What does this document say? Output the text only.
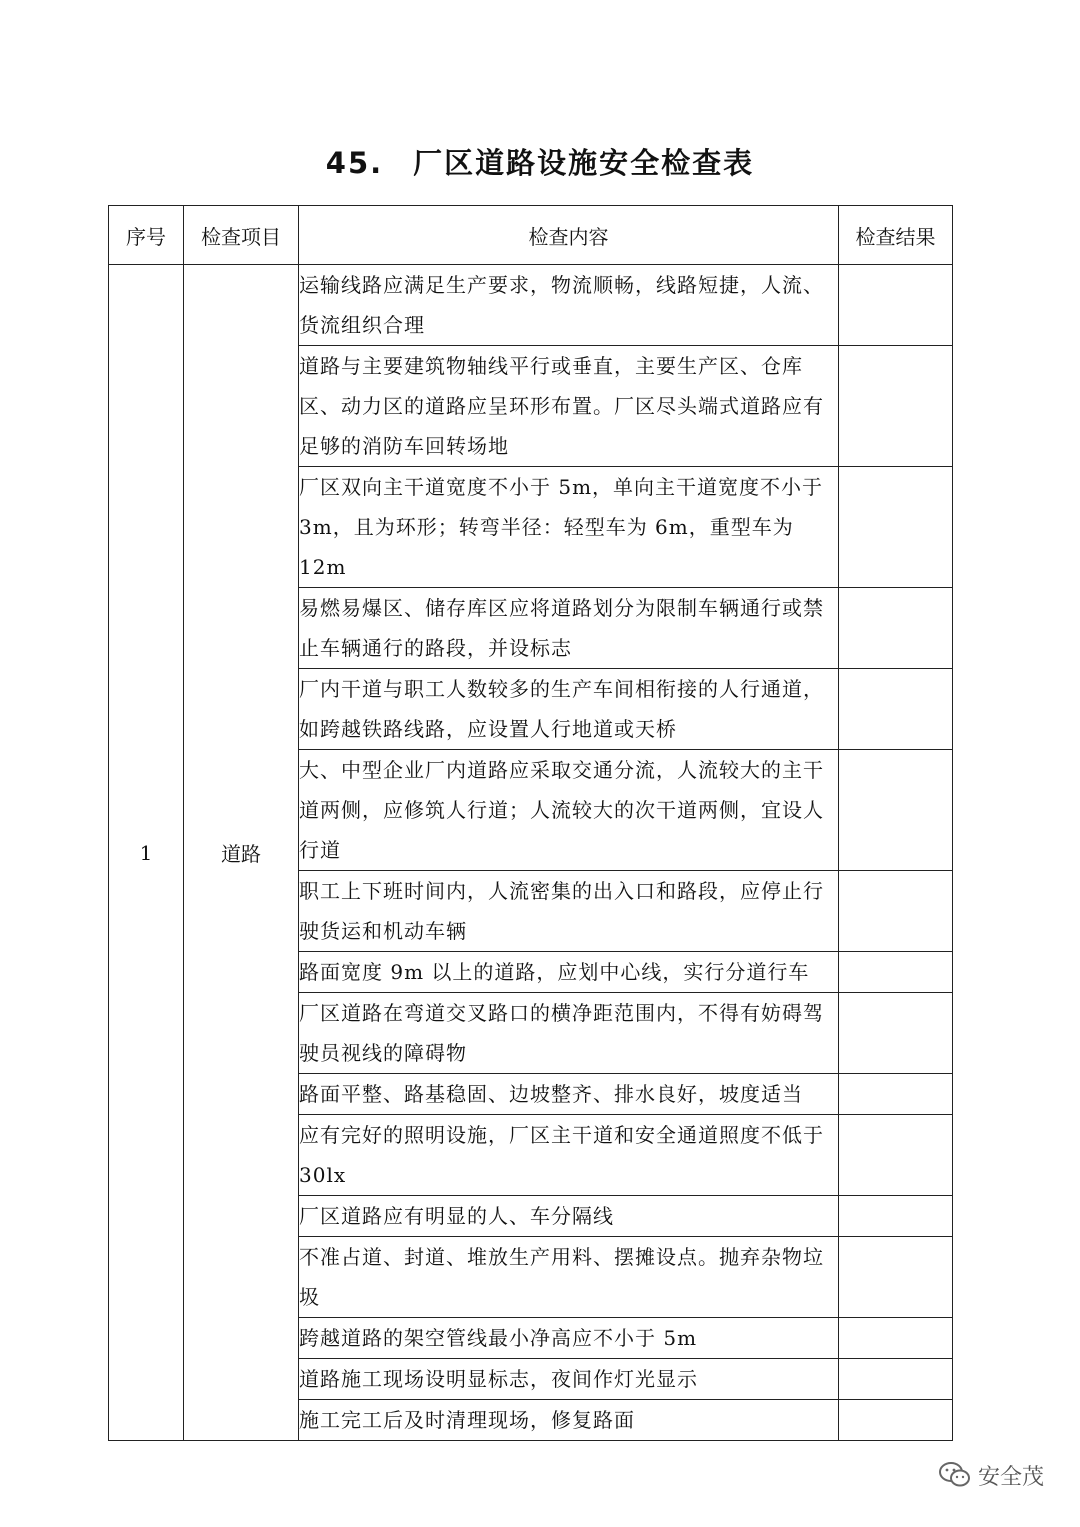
45. 厂区道路设施安全检查表
序号	检查项目	检查内容	检查结果
1	道路	运输线路应满足生产要求，物流顺畅，线路短捷，人流、货流组织合理	
		道路与主要建筑物轴线平行或垂直，主要生产区、仓库区、动力区的道路应呈环形布置。厂区尽头端式道路应有足够的消防车回转场地	
		厂区双向主干道宽度不小于 5m，单向主干道宽度不小于 3m，且为环形；转弯半径：轻型车为 6m，重型车为 12m	
		易燃易爆区、储存库区应将道路划分为限制车辆通行或禁止车辆通行的路段，并设标志	
		厂内干道与职工人数较多的生产车间相衔接的人行通道，如跨越铁路线路，应设置人行地道或天桥	
		大、中型企业厂内道路应采取交通分流，人流较大的主干道两侧，应修筑人行道；人流较大的次干道两侧，宜设人行道	
		职工上下班时间内，人流密集的出入口和路段，应停止行驶货运和机动车辆	
		路面宽度 9m 以上的道路，应划中心线，实行分道行车	
		厂区道路在弯道交叉路口的横净距范围内，不得有妨碍驾驶员视线的障碍物	
		路面平整、路基稳固、边坡整齐、排水良好，坡度适当	
		应有完好的照明设施，厂区主干道和安全通道照度不低于 30lx	
		厂区道路应有明显的人、车分隔线	
		不准占道、封道、堆放生产用料、摆摊设点。抛弃杂物垃圾	
		跨越道路的架空管线最小净高应不小于 5m	
		道路施工现场设明显标志，夜间作灯光显示	
		施工完工后及时清理现场，修复路面	
安全茂
